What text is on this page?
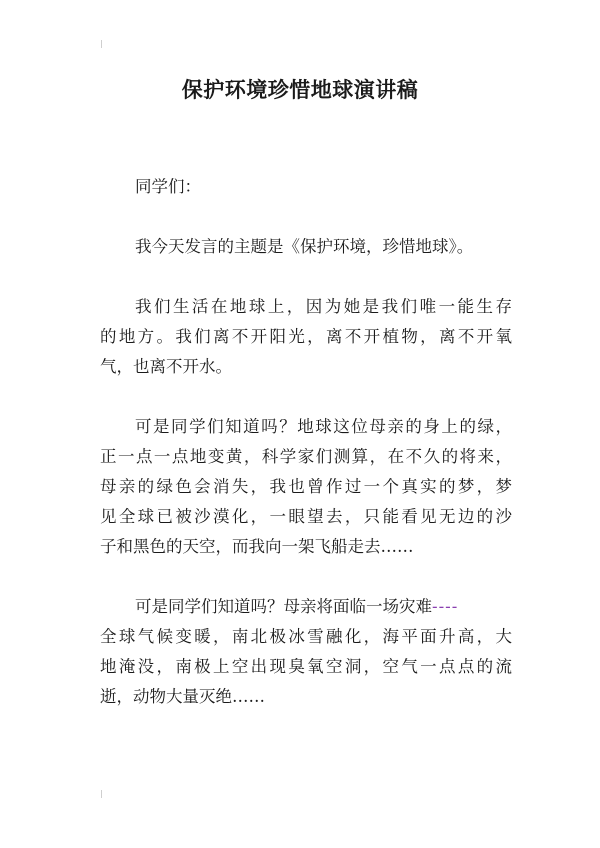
保护环境珍惜地球演讲稿
同学们：
我今天发言的主题是《保护环境，珍惜地球》。
我们生活在地球上，因为她是我们唯一能生存
的地方。我们离不开阳光，离不开植物，离不开氧
气，也离不开水。
可是同学们知道吗？地球这位母亲的身上的绿，
正一点一点地变黄，科学家们测算，在不久的将来，
母亲的绿色会消失，我也曾作过一个真实的梦，梦
见全球已被沙漠化，一眼望去，只能看见无边的沙
子和黑色的天空，而我向一架飞船走去……
可是同学们知道吗？母亲将面临一场灾难----
全球气候变暖，南北极冰雪融化，海平面升高，大
地淹没，南极上空出现臭氧空洞，空气一点点的流
逝，动物大量灭绝……
